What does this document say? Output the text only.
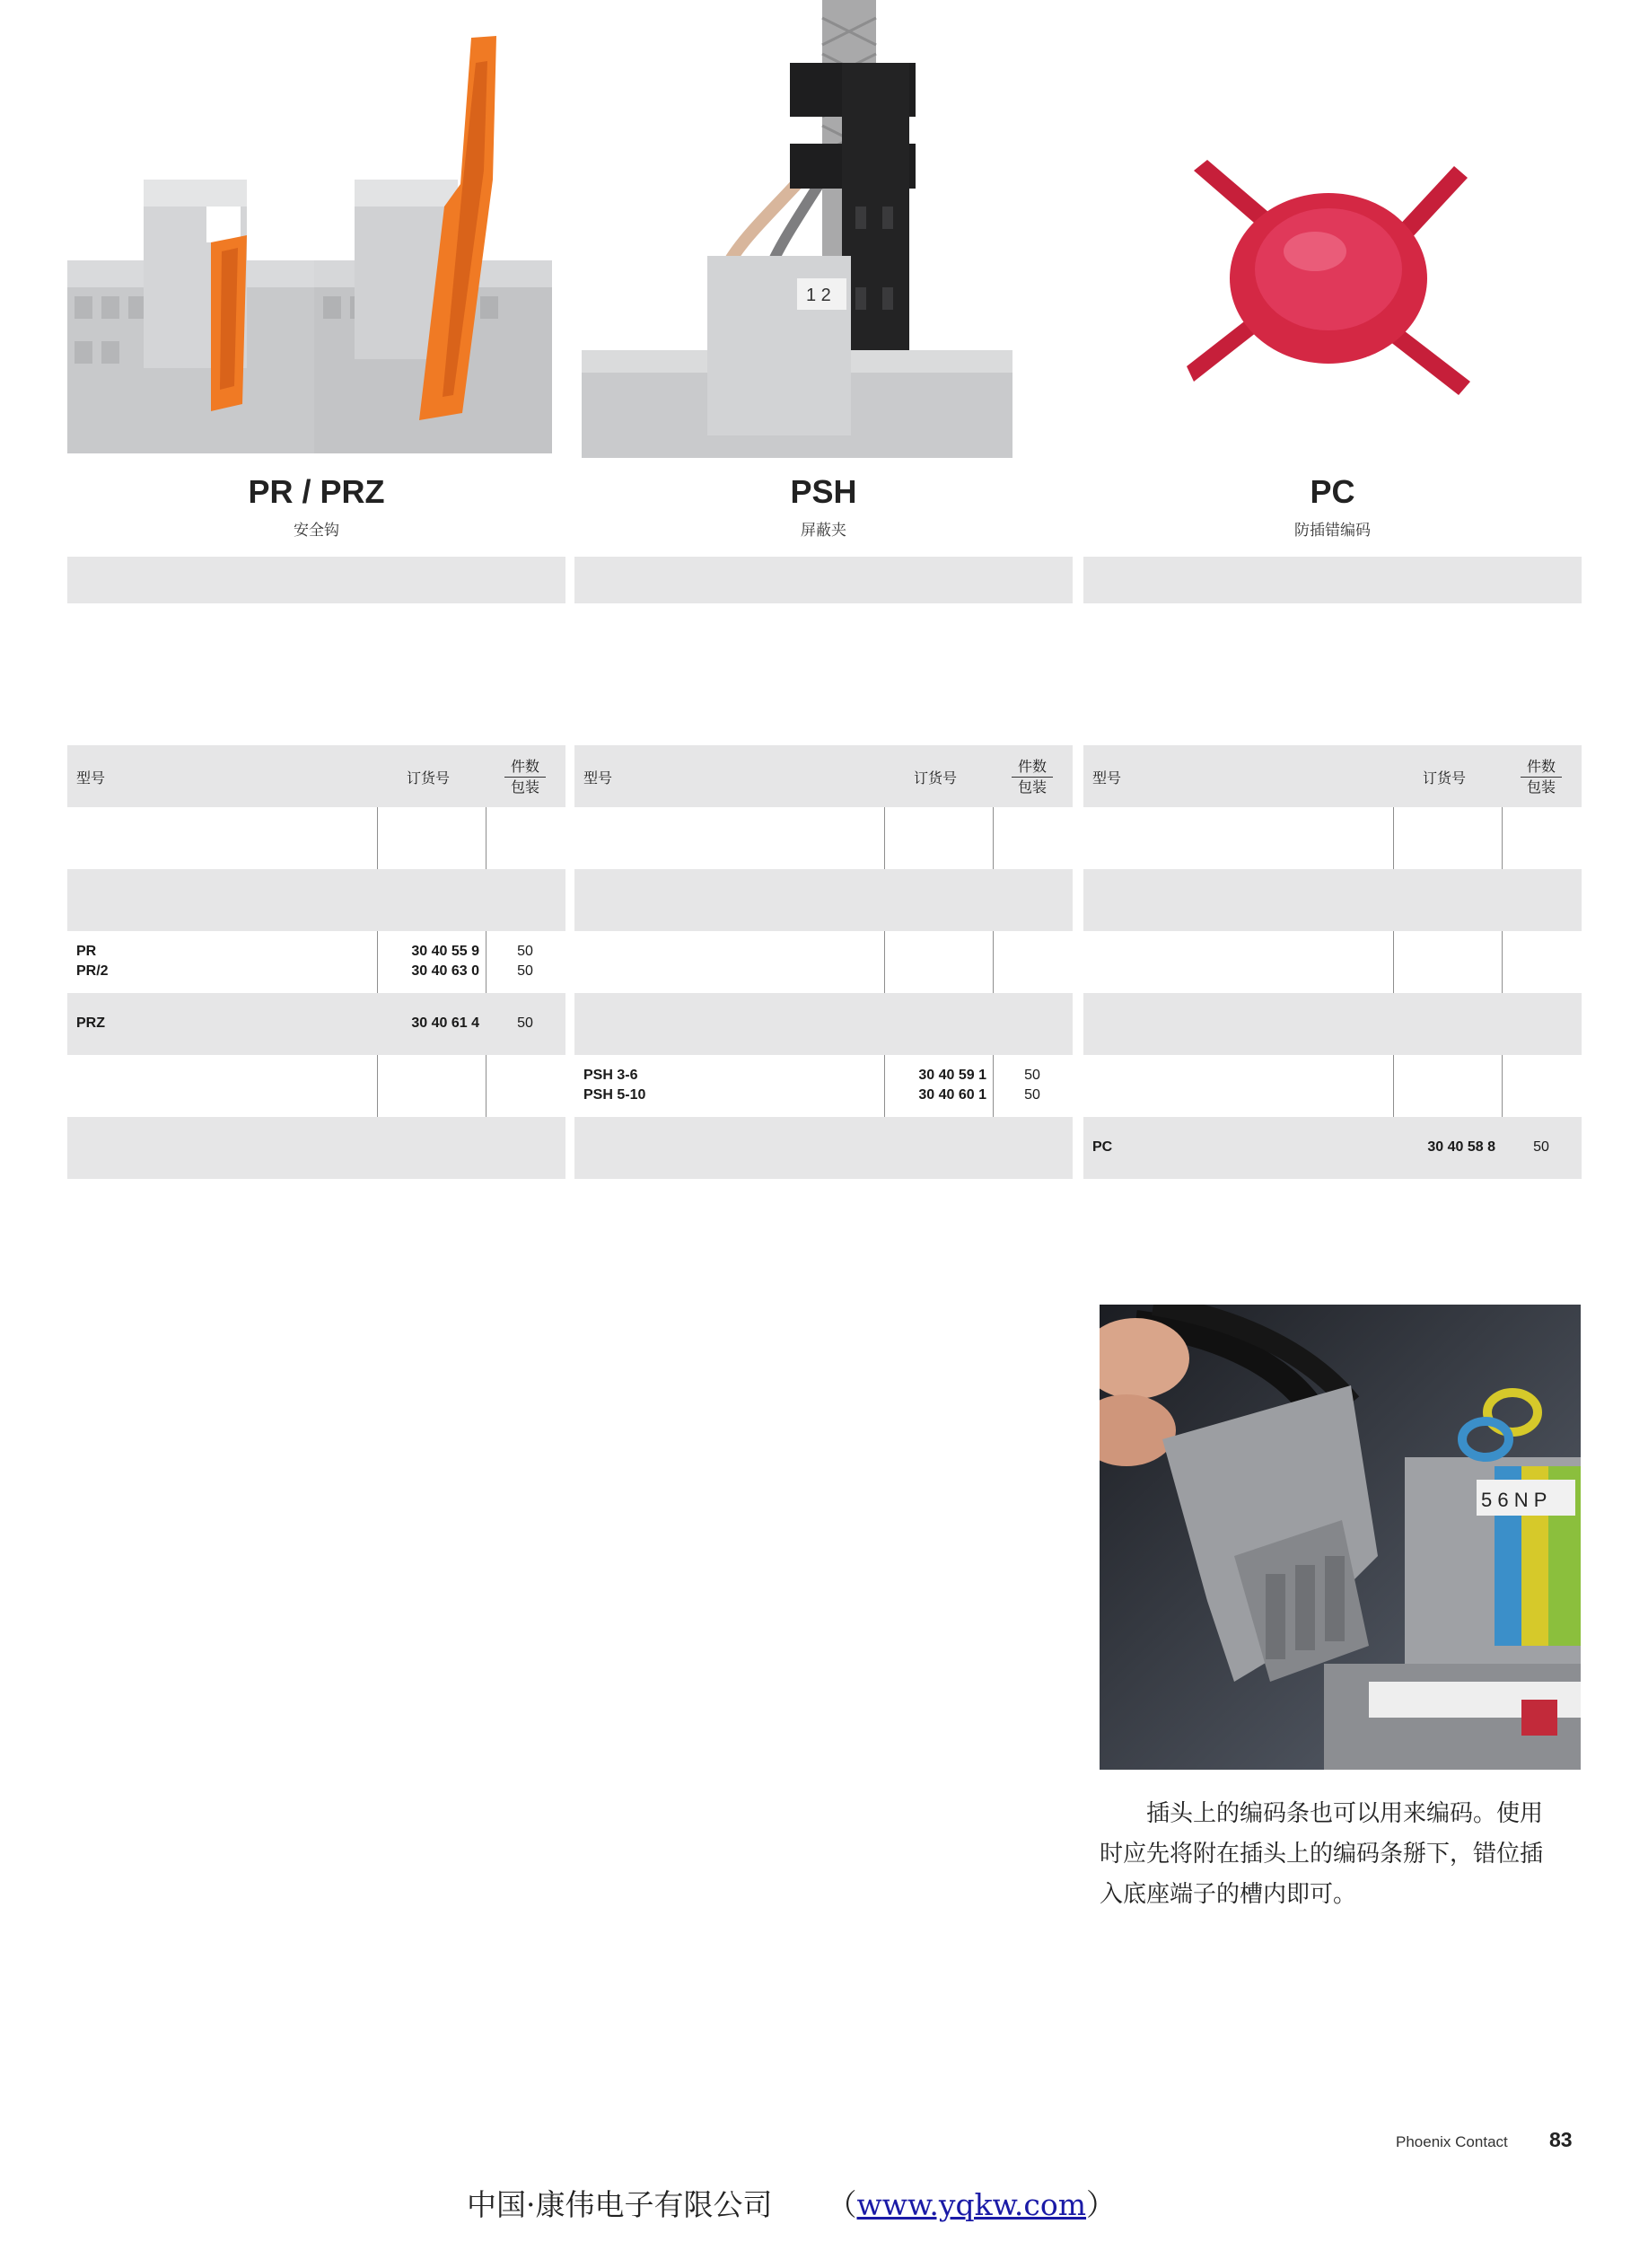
1 2
PR / PRZ
安全钩
PSH
屏蔽夹
PC
防插错编码
型号	订货号
件数
包装
PR	30 40 55 9	50
PR/2	30 40 63 0	50
PRZ	30 40 61 4	50
型号	订货号
件数
包装
PSH 3-6	30 40 59 1	50
PSH 5-10	30 40 60 1	50
型号	订货号
件数
包装
PC	30 40 58 8	50
5 6 N P
　　插头上的编码条也可以用来编码。使用
时应先将附在插头上的编码条掰下，错位插
入底座端子的槽内即可。
Phoenix Contact 83
中国·康伟电子有限公司 （www.yqkw.com）
